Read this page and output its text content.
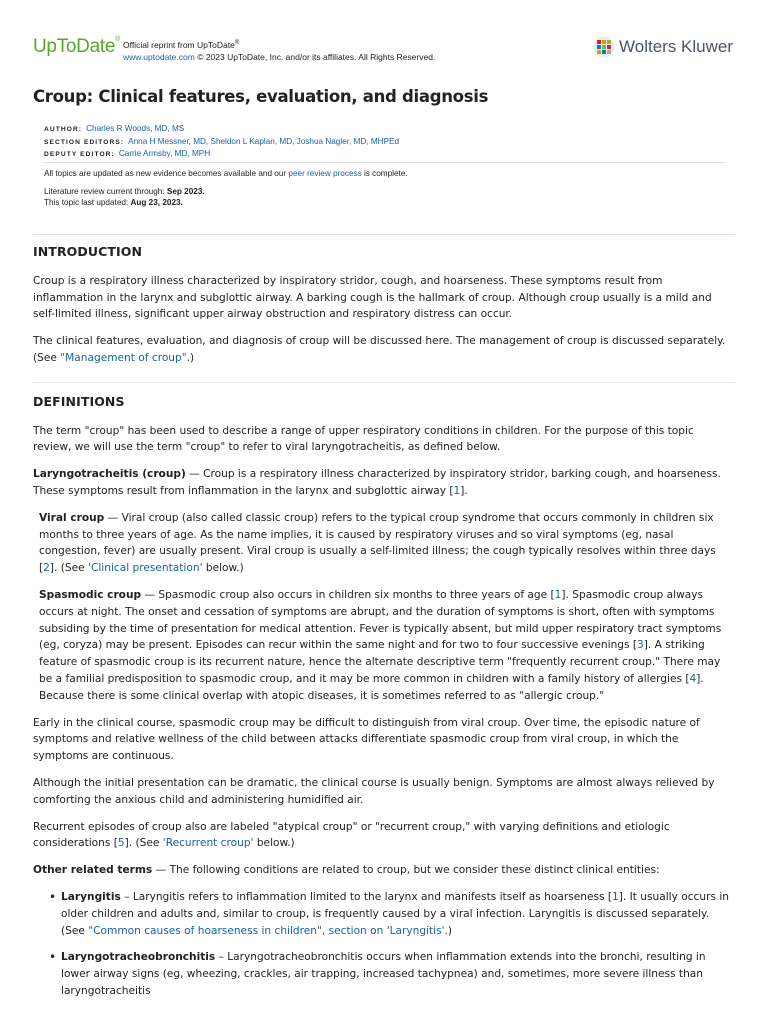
UpToDate®
Official reprint from UpToDate®
www.uptodate.com © 2023 UpToDate, Inc. and/or its affiliates. All Rights Reserved.
Wolters Kluwer
Croup: Clinical features, evaluation, and diagnosis
AUTHOR: Charles R Woods, MD, MS
SECTION EDITORS: Anna H Messner, MD, Sheldon L Kaplan, MD, Joshua Nagler, MD, MHPEd
DEPUTY EDITOR: Carrie Armsby, MD, MPH

All topics are updated as new evidence becomes available and our peer review process is complete.

Literature review current through: Sep 2023.

This topic last updated: Aug 23, 2023.

INTRODUCTION

Croup is a respiratory illness characterized by inspiratory stridor, cough, and hoarseness. These symptoms result from inflammation in the larynx and subglottic airway. A barking cough is the hallmark of croup. Although croup usually is a mild and self-limited illness, significant upper airway obstruction and respiratory distress can occur.

The clinical features, evaluation, and diagnosis of croup will be discussed here. The management of croup is discussed separately. (See "Management of croup".)

DEFINITIONS

The term "croup" has been used to describe a range of upper respiratory conditions in children. For the purpose of this topic review, we will use the term "croup" to refer to viral laryngotracheitis, as defined below.

Laryngotracheitis (croup) — Croup is a respiratory illness characterized by inspiratory stridor, barking cough, and hoarseness. These symptoms result from inflammation in the larynx and subglottic airway [1].

Viral croup — Viral croup (also called classic croup) refers to the typical croup syndrome that occurs commonly in children six months to three years of age. As the name implies, it is caused by respiratory viruses and so viral symptoms (eg, nasal congestion, fever) are usually present. Viral croup is usually a self-limited illness; the cough typically resolves within three days [2]. (See 'Clinical presentation' below.)

Spasmodic croup — Spasmodic croup also occurs in children six months to three years of age [1]. Spasmodic croup always occurs at night. The onset and cessation of symptoms are abrupt, and the duration of symptoms is short, often with symptoms subsiding by the time of presentation for medical attention. Fever is typically absent, but mild upper respiratory tract symptoms (eg, coryza) may be present. Episodes can recur within the same night and for two to four successive evenings [3]. A striking feature of spasmodic croup is its recurrent nature, hence the alternate descriptive term "frequently recurrent croup." There may be a familial predisposition to spasmodic croup, and it may be more common in children with a family history of allergies [4]. Because there is some clinical overlap with atopic diseases, it is sometimes referred to as "allergic croup."

Early in the clinical course, spasmodic croup may be difficult to distinguish from viral croup. Over time, the episodic nature of symptoms and relative wellness of the child between attacks differentiate spasmodic croup from viral croup, in which the symptoms are continuous.

Although the initial presentation can be dramatic, the clinical course is usually benign. Symptoms are almost always relieved by comforting the anxious child and administering humidified air.

Recurrent episodes of croup also are labeled "atypical croup" or "recurrent croup," with varying definitions and etiologic considerations [5]. (See 'Recurrent croup' below.)

Other related terms — The following conditions are related to croup, but we consider these distinct clinical entities:

• Laryngitis – Laryngitis refers to inflammation limited to the larynx and manifests itself as hoarseness [1]. It usually occurs in older children and adults and, similar to croup, is frequently caused by a viral infection. Laryngitis is discussed separately. (See "Common causes of hoarseness in children", section on 'Laryngitis'.)
• Laryngotracheobronchitis – Laryngotracheobronchitis occurs when inflammation extends into the bronchi, resulting in lower airway signs (eg, wheezing, crackles, air trapping, increased tachypnea) and, sometimes, more severe illness than laryngotracheitis
